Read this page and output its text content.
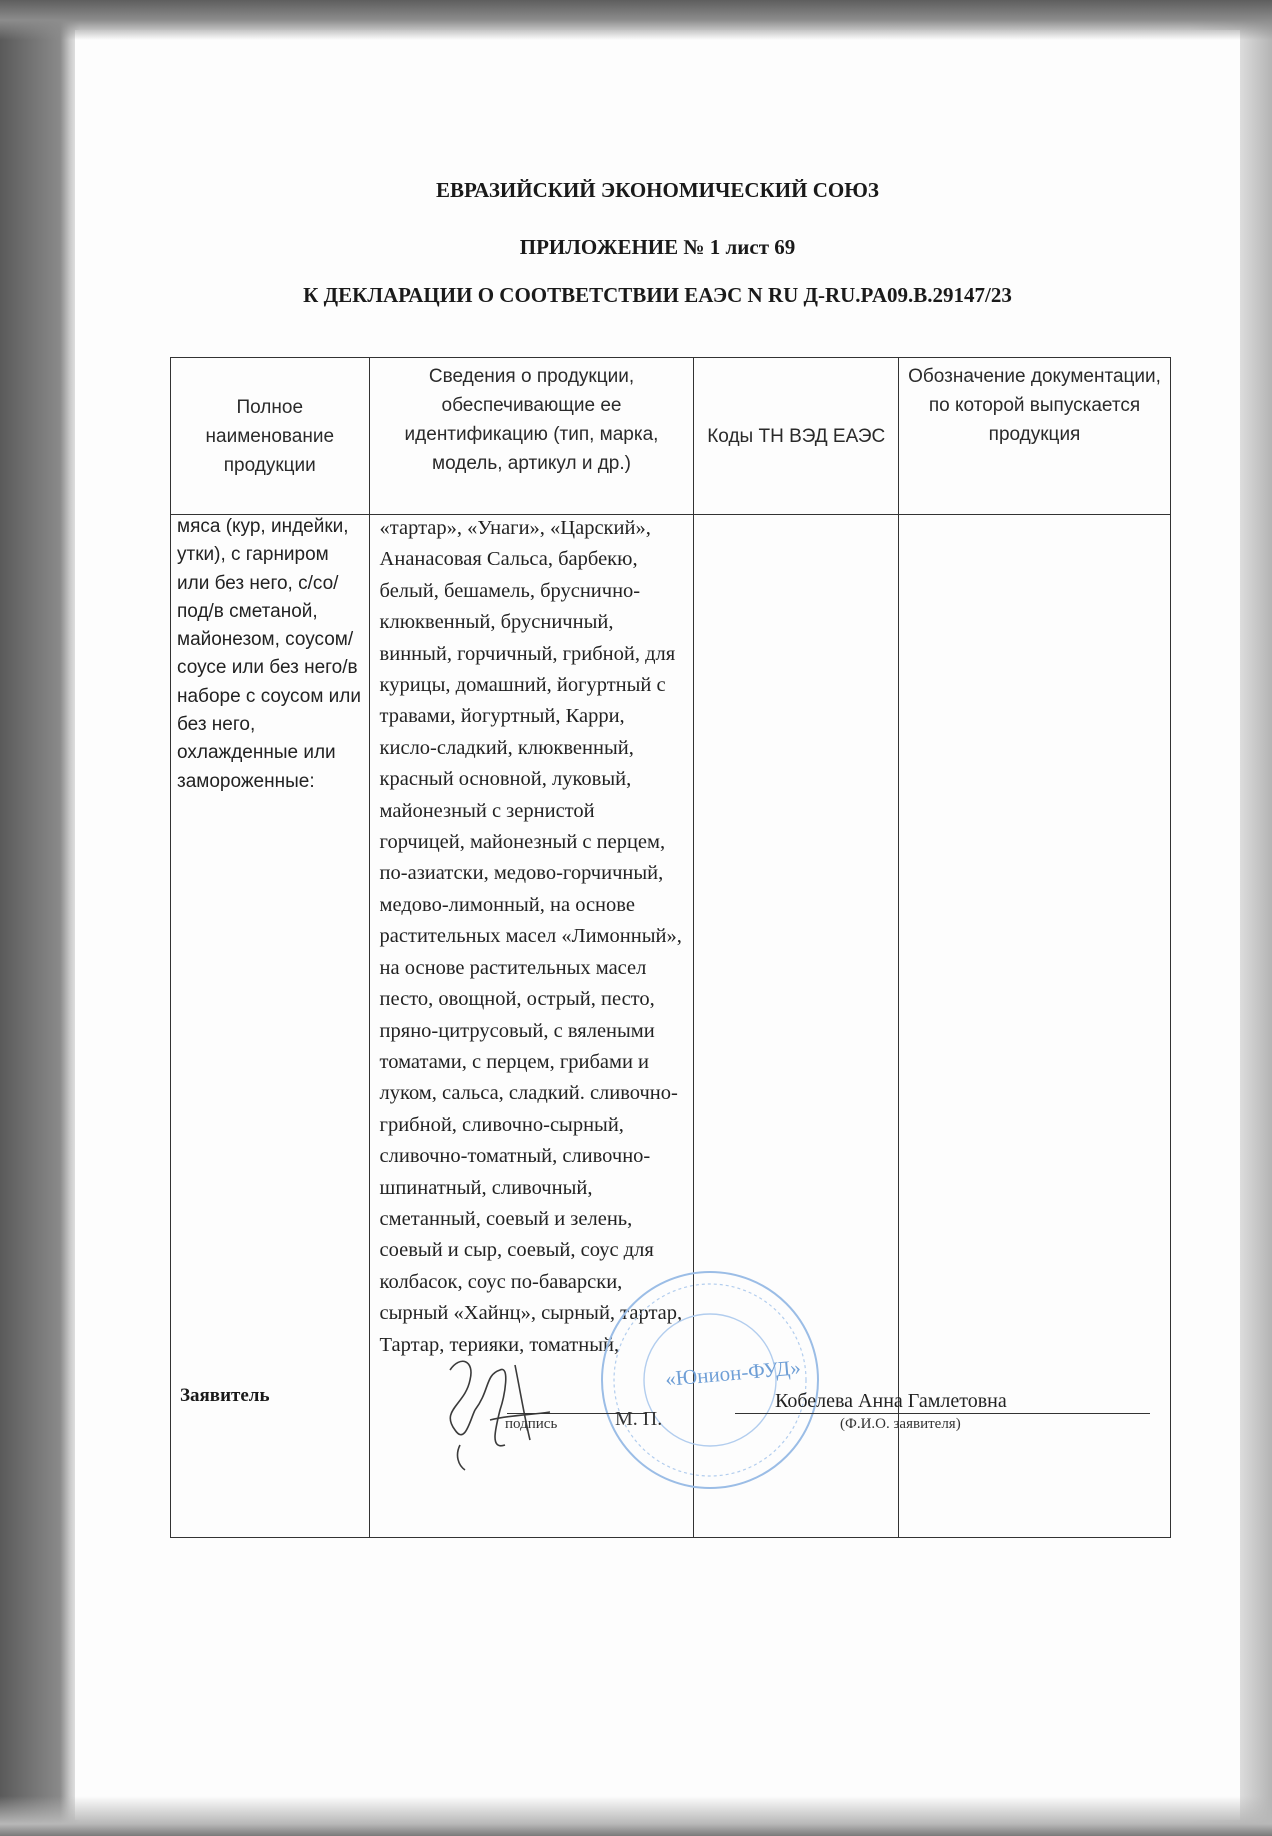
ЕВРАЗИЙСКИЙ ЭКОНОМИЧЕСКИЙ СОЮЗ
ПРИЛОЖЕНИЕ № 1 лист 69
К ДЕКЛАРАЦИИ О СООТВЕТСТВИИ ЕАЭС N RU Д-RU.PA09.B.29147/23
Полное наименование продукции	Сведения о продукции, обеспечивающие ее идентификацию (тип, марка, модель, артикул и др.)	Коды ТН ВЭД ЕАЭС	Обозначение документации, по которой выпускается продукция

мяса (кур, индейки, утки), с гарниром или без него, с/со/под/в сметаной, майонезом, соусом/соусе или без него/в наборе с соусом или без него, охлажденные или замороженные:	«тартар», «Унаги», «Царский», Ананасовая Сальса, барбекю, белый, бешамель, бруснично-клюквенный, брусничный, винный, горчичный, грибной, для курицы, домашний, йогуртный с травами, йогуртный, Карри, кисло-сладкий, клюквенный, красный основной, луковый, майонезный с зернистой горчицей, майонезный с перцем, по-азиатски, медово-горчичный, медово-лимонный, на основе растительных масел «Лимонный», на основе растительных масел песто, овощной, острый, песто, пряно-цитрусовый, с вялеными томатами, с перцем, грибами и луком, сальса, сладкий. сливочно-грибной, сливочно-сырный, сливочно-томатный, сливочно-шпинатный, сливочный, сметанный, соевый и зелень, соевый и сыр, соевый, соус для колбасок, соус по-баварски, сырный «Хайнц», сырный, тартар, Тартар, терияки, томатный,		

Заявитель
«Юнион-ФУД»
подпись	М. П.
Кобелева Анна Гамлетовна
(Ф.И.О. заявителя)
